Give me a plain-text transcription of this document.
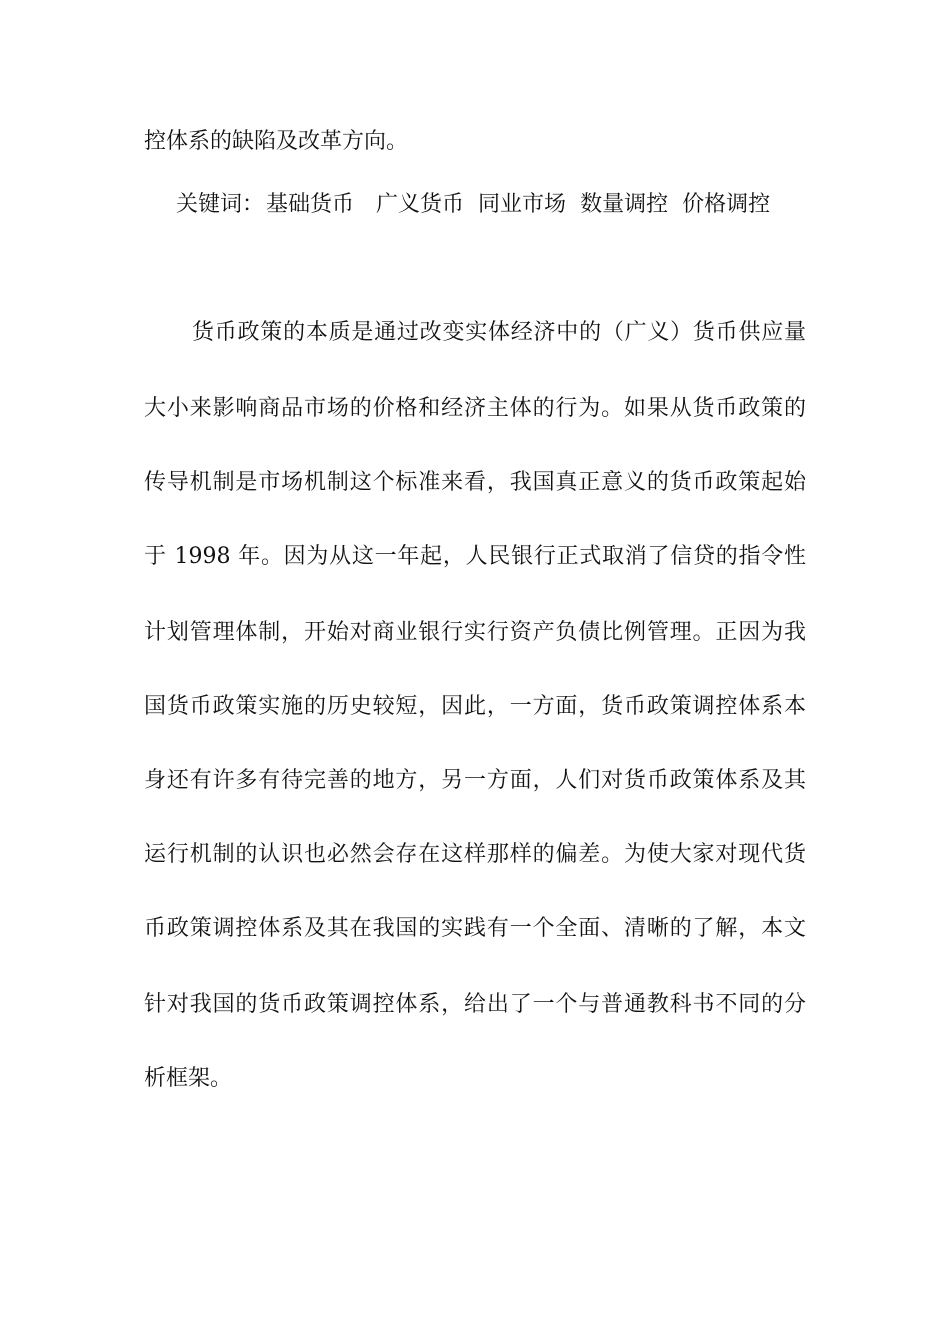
控体系的缺陷及改革方向。
关键词：基础货币 广义货币 同业市场 数量调控 价格调控
货币政策的本质是通过改变实体经济中的（广义）货币供应量
大小来影响商品市场的价格和经济主体的行为。如果从货币政策的
传导机制是市场机制这个标准来看，我国真正意义的货币政策起始
于 1998 年。因为从这一年起，人民银行正式取消了信贷的指令性
计划管理体制，开始对商业银行实行资产负债比例管理。正因为我
国货币政策实施的历史较短，因此，一方面，货币政策调控体系本
身还有许多有待完善的地方，另一方面，人们对货币政策体系及其
运行机制的认识也必然会存在这样那样的偏差。为使大家对现代货
币政策调控体系及其在我国的实践有一个全面、清晰的了解，本文
针对我国的货币政策调控体系，给出了一个与普通教科书不同的分
析框架。
